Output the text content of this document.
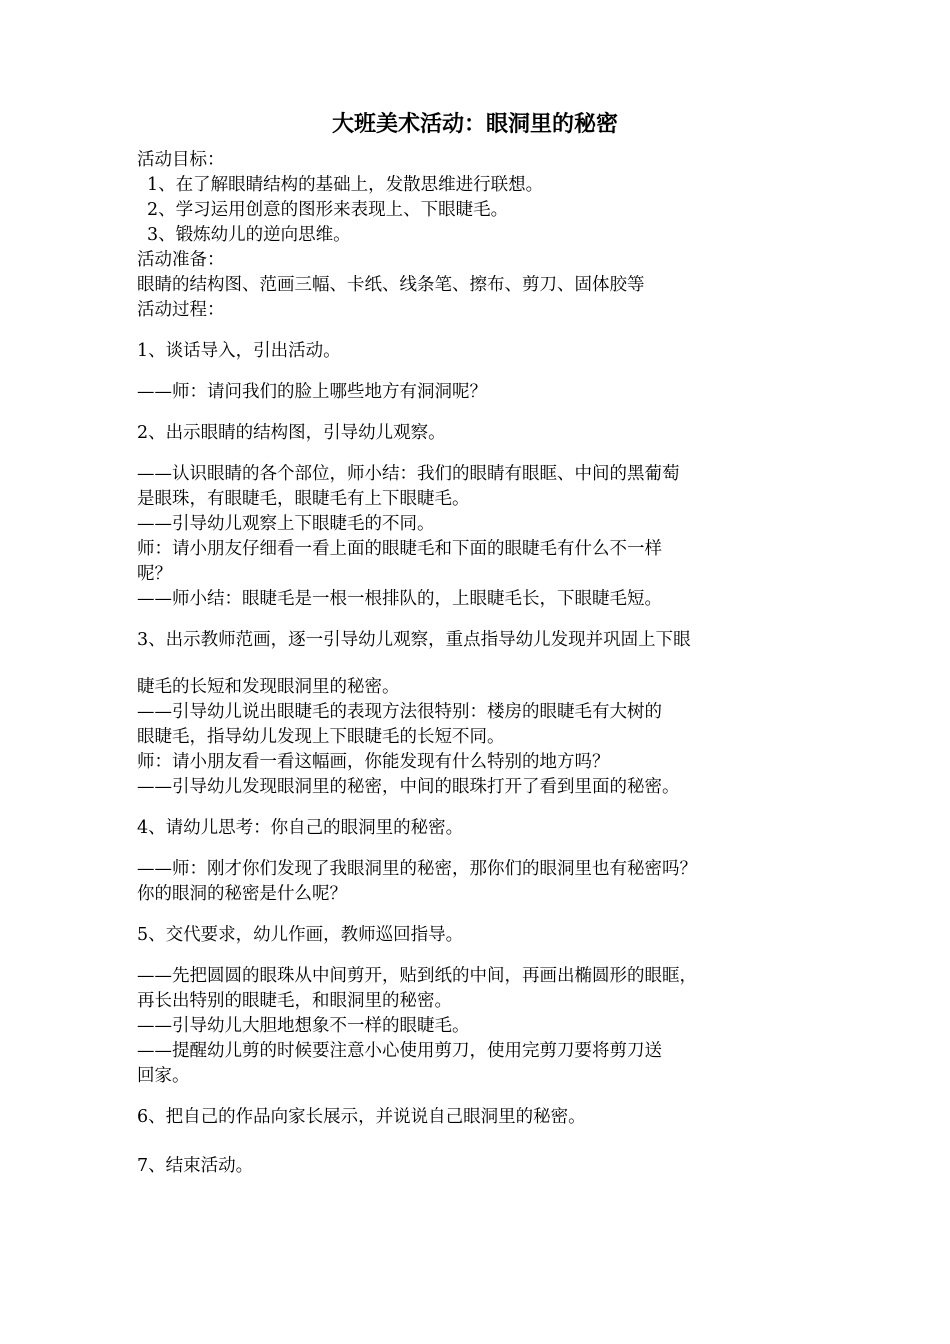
大班美术活动：眼洞里的秘密
活动目标：
1、在了解眼睛结构的基础上，发散思维进行联想。
2、学习运用创意的图形来表现上、下眼睫毛。
3、锻炼幼儿的逆向思维。
活动准备：
眼睛的结构图、范画三幅、卡纸、线条笔、擦布、剪刀、固体胶等
活动过程：
1、谈话导入，引出活动。
——师：请问我们的脸上哪些地方有洞洞呢？
2、出示眼睛的结构图，引导幼儿观察。
——认识眼睛的各个部位，师小结：我们的眼睛有眼眶、中间的黑葡萄
是眼珠，有眼睫毛，眼睫毛有上下眼睫毛。
——引导幼儿观察上下眼睫毛的不同。
师：请小朋友仔细看一看上面的眼睫毛和下面的眼睫毛有什么不一样
呢？
——师小结：眼睫毛是一根一根排队的，上眼睫毛长，下眼睫毛短。
3、出示教师范画，逐一引导幼儿观察，重点指导幼儿发现并巩固上下眼
睫毛的长短和发现眼洞里的秘密。
——引导幼儿说出眼睫毛的表现方法很特别：楼房的眼睫毛有大树的
眼睫毛，指导幼儿发现上下眼睫毛的长短不同。
师：请小朋友看一看这幅画，你能发现有什么特别的地方吗？
——引导幼儿发现眼洞里的秘密，中间的眼珠打开了看到里面的秘密。
4、请幼儿思考：你自己的眼洞里的秘密。
——师：刚才你们发现了我眼洞里的秘密，那你们的眼洞里也有秘密吗？
你的眼洞的秘密是什么呢？
5、交代要求，幼儿作画，教师巡回指导。
——先把圆圆的眼珠从中间剪开，贴到纸的中间，再画出椭圆形的眼眶，
再长出特别的眼睫毛，和眼洞里的秘密。
——引导幼儿大胆地想象不一样的眼睫毛。
——提醒幼儿剪的时候要注意小心使用剪刀，使用完剪刀要将剪刀送
回家。
6、把自己的作品向家长展示，并说说自己眼洞里的秘密。
7、结束活动。
